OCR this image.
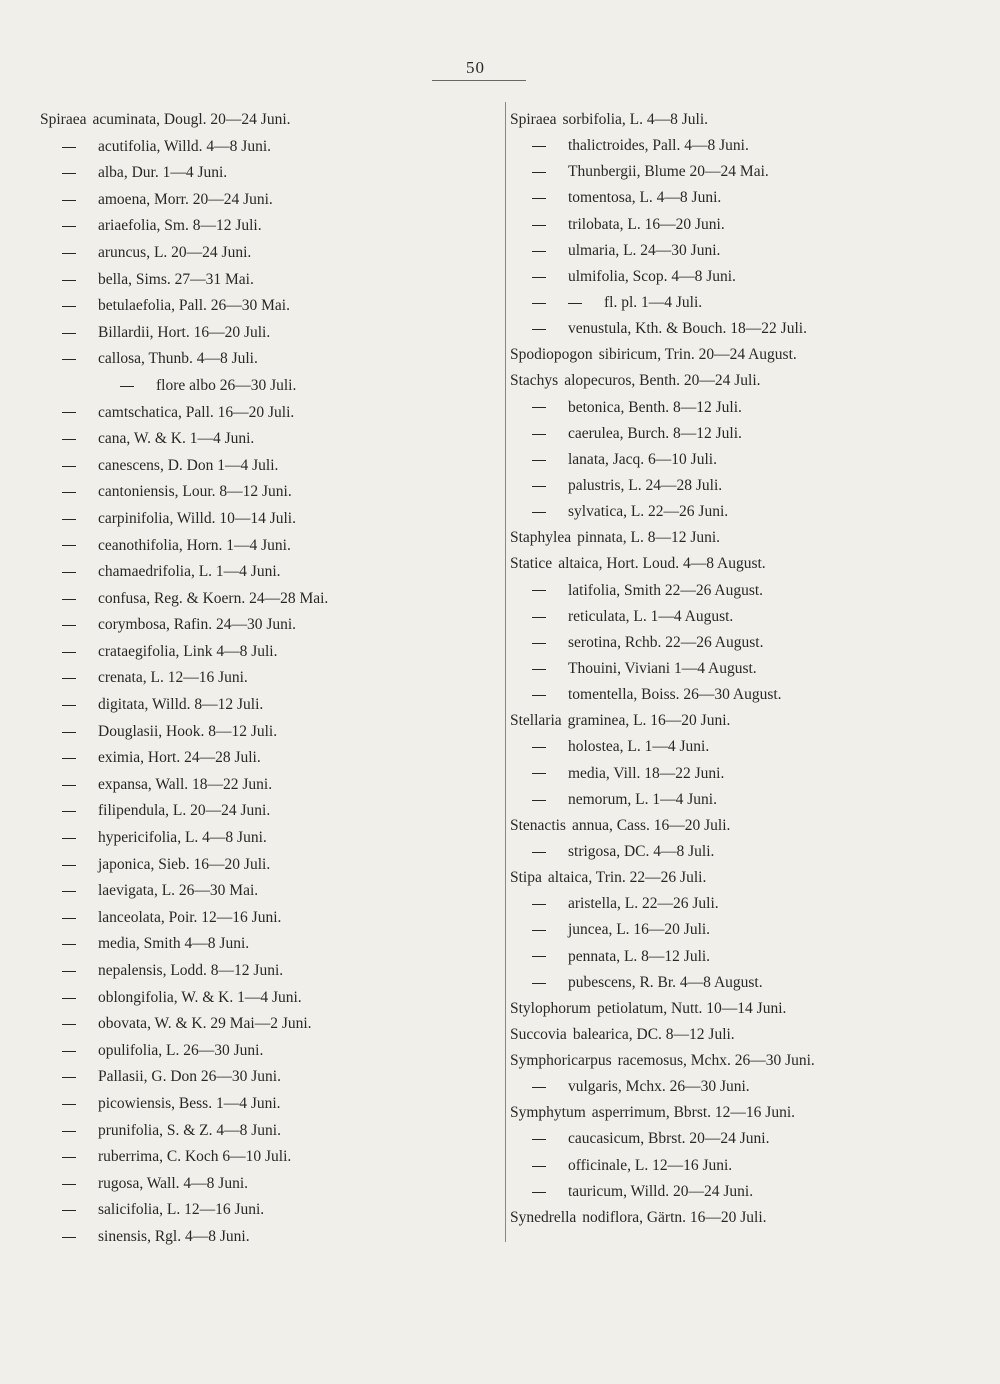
50
Spiraea acuminata, Dougl. 20—24 Juni.
acutifolia, Willd. 4—8 Juni.
alba, Dur. 1—4 Juni.
amoena, Morr. 20—24 Juni.
ariaefolia, Sm. 8—12 Juli.
aruncus, L. 20—24 Juni.
bella, Sims. 27—31 Mai.
betulaefolia, Pall. 26—30 Mai.
Billardii, Hort. 16—20 Juli.
callosa, Thunb. 4—8 Juli.
flore albo 26—30 Juli.
camtschatica, Pall. 16—20 Juli.
cana, W. & K. 1—4 Juni.
canescens, D. Don 1—4 Juli.
cantoniensis, Lour. 8—12 Juni.
carpinifolia, Willd. 10—14 Juli.
ceanothifolia, Horn. 1—4 Juni.
chamaedrifolia, L. 1—4 Juni.
confusa, Reg. & Koern. 24—28 Mai.
corymbosa, Rafin. 24—30 Juni.
crataegifolia, Link 4—8 Juli.
crenata, L. 12—16 Juni.
digitata, Willd. 8—12 Juli.
Douglasii, Hook. 8—12 Juli.
eximia, Hort. 24—28 Juli.
expansa, Wall. 18—22 Juni.
filipendula, L. 20—24 Juni.
hypericifolia, L. 4—8 Juni.
japonica, Sieb. 16—20 Juli.
laevigata, L. 26—30 Mai.
lanceolata, Poir. 12—16 Juni.
media, Smith 4—8 Juni.
nepalensis, Lodd. 8—12 Juni.
oblongifolia, W. & K. 1—4 Juni.
obovata, W. & K. 29 Mai—2 Juni.
opulifolia, L. 26—30 Juni.
Pallasii, G. Don 26—30 Juni.
picowiensis, Bess. 1—4 Juni.
prunifolia, S. & Z. 4—8 Juni.
ruberrima, C. Koch 6—10 Juli.
rugosa, Wall. 4—8 Juni.
salicifolia, L. 12—16 Juni.
sinensis, Rgl. 4—8 Juni.
Spiraea sorbifolia, L. 4—8 Juli.
thalictroides, Pall. 4—8 Juni.
Thunbergii, Blume 20—24 Mai.
tomentosa, L. 4—8 Juni.
trilobata, L. 16—20 Juni.
ulmaria, L. 24—30 Juni.
ulmifolia, Scop. 4—8 Juni.
fl. pl. 1—4 Juli.
venustula, Kth. & Bouch. 18—22 Juli.
Spodiopogon sibiricum, Trin. 20—24 August.
Stachys alopecuros, Benth. 20—24 Juli.
betonica, Benth. 8—12 Juli.
caerulea, Burch. 8—12 Juli.
lanata, Jacq. 6—10 Juli.
palustris, L. 24—28 Juli.
sylvatica, L. 22—26 Juni.
Staphylea pinnata, L. 8—12 Juni.
Statice altaica, Hort. Loud. 4—8 August.
latifolia, Smith 22—26 August.
reticulata, L. 1—4 August.
serotina, Rchb. 22—26 August.
Thouini, Viviani 1—4 August.
tomentella, Boiss. 26—30 August.
Stellaria graminea, L. 16—20 Juni.
holostea, L. 1—4 Juni.
media, Vill. 18—22 Juni.
nemorum, L. 1—4 Juni.
Stenactis annua, Cass. 16—20 Juli.
strigosa, DC. 4—8 Juli.
Stipa altaica, Trin. 22—26 Juli.
aristella, L. 22—26 Juli.
juncea, L. 16—20 Juli.
pennata, L. 8—12 Juli.
pubescens, R. Br. 4—8 August.
Stylophorum petiolatum, Nutt. 10—14 Juni.
Succovia balearica, DC. 8—12 Juli.
Symphoricarpus racemosus, Mchx. 26—30 Juni.
vulgaris, Mchx. 26—30 Juni.
Symphytum asperrimum, Bbrst. 12—16 Juni.
caucasicum, Bbrst. 20—24 Juni.
officinale, L. 12—16 Juni.
tauricum, Willd. 20—24 Juni.
Synedrella nodiflora, Gärtn. 16—20 Juli.
